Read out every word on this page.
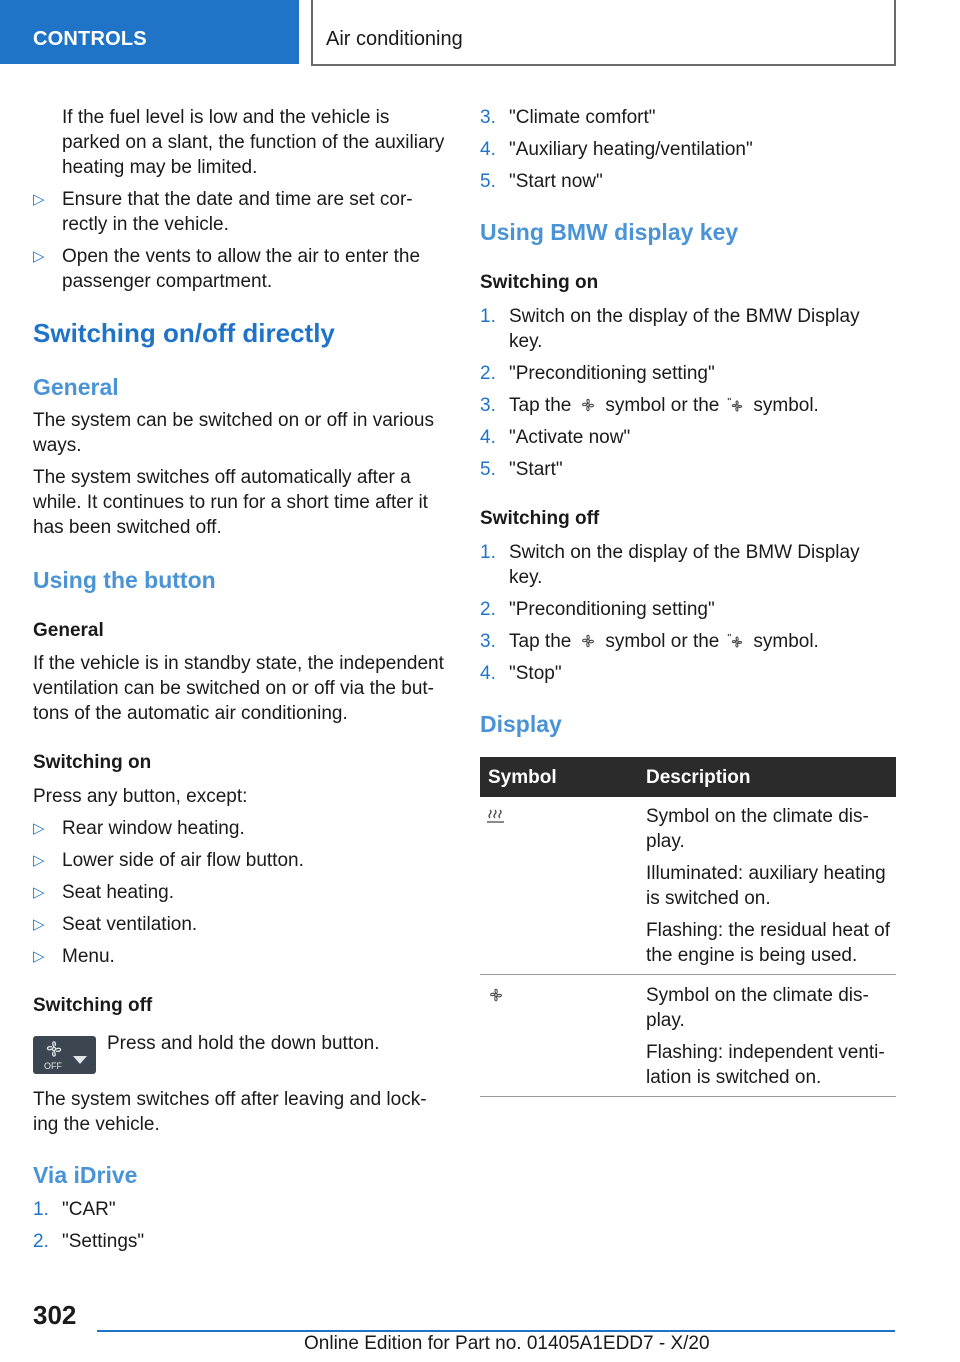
CONTROLS	Air conditioning
If the fuel level is low and the vehicle is parked on a slant, the function of the auxiliary heating may be limited.
▷ Ensure that the date and time are set cor-rectly in the vehicle.
▷ Open the vents to allow the air to enter the passenger compartment.
Switching on/off directly
General
The system can be switched on or off in various ways.
The system switches off automatically after a while. It continues to run for a short time after it has been switched off.
Using the button
General
If the vehicle is in standby state, the independent ventilation can be switched on or off via the but-tons of the automatic air conditioning.
Switching on
Press any button, except:
▷ Rear window heating.
▷ Lower side of air flow button.
▷ Seat heating.
▷ Seat ventilation.
▷ Menu.
Switching off
OFF
Press and hold the down button.
The system switches off after leaving and lock-ing the vehicle.
Via iDrive
1. "CAR"
2. "Settings"
3. "Climate comfort"
4. "Auxiliary heating/ventilation"
5. "Start now"
Using BMW display key
Switching on
1. Switch on the display of the BMW Display key.
2. "Preconditioning setting"
3. Tap the symbol or the symbol.
4. "Activate now"
5. "Start"
Switching off
1. Switch on the display of the BMW Display key.
2. "Preconditioning setting"
3. Tap the symbol or the symbol.
4. "Stop"
Display
Symbol	Description
Symbol on the climate dis-play.
Illuminated: auxiliary heating is switched on.
Flashing: the residual heat of the engine is being used.
Symbol on the climate dis-play.
Flashing: independent venti-lation is switched on.
302
Online Edition for Part no. 01405A1EDD7 - X/20
